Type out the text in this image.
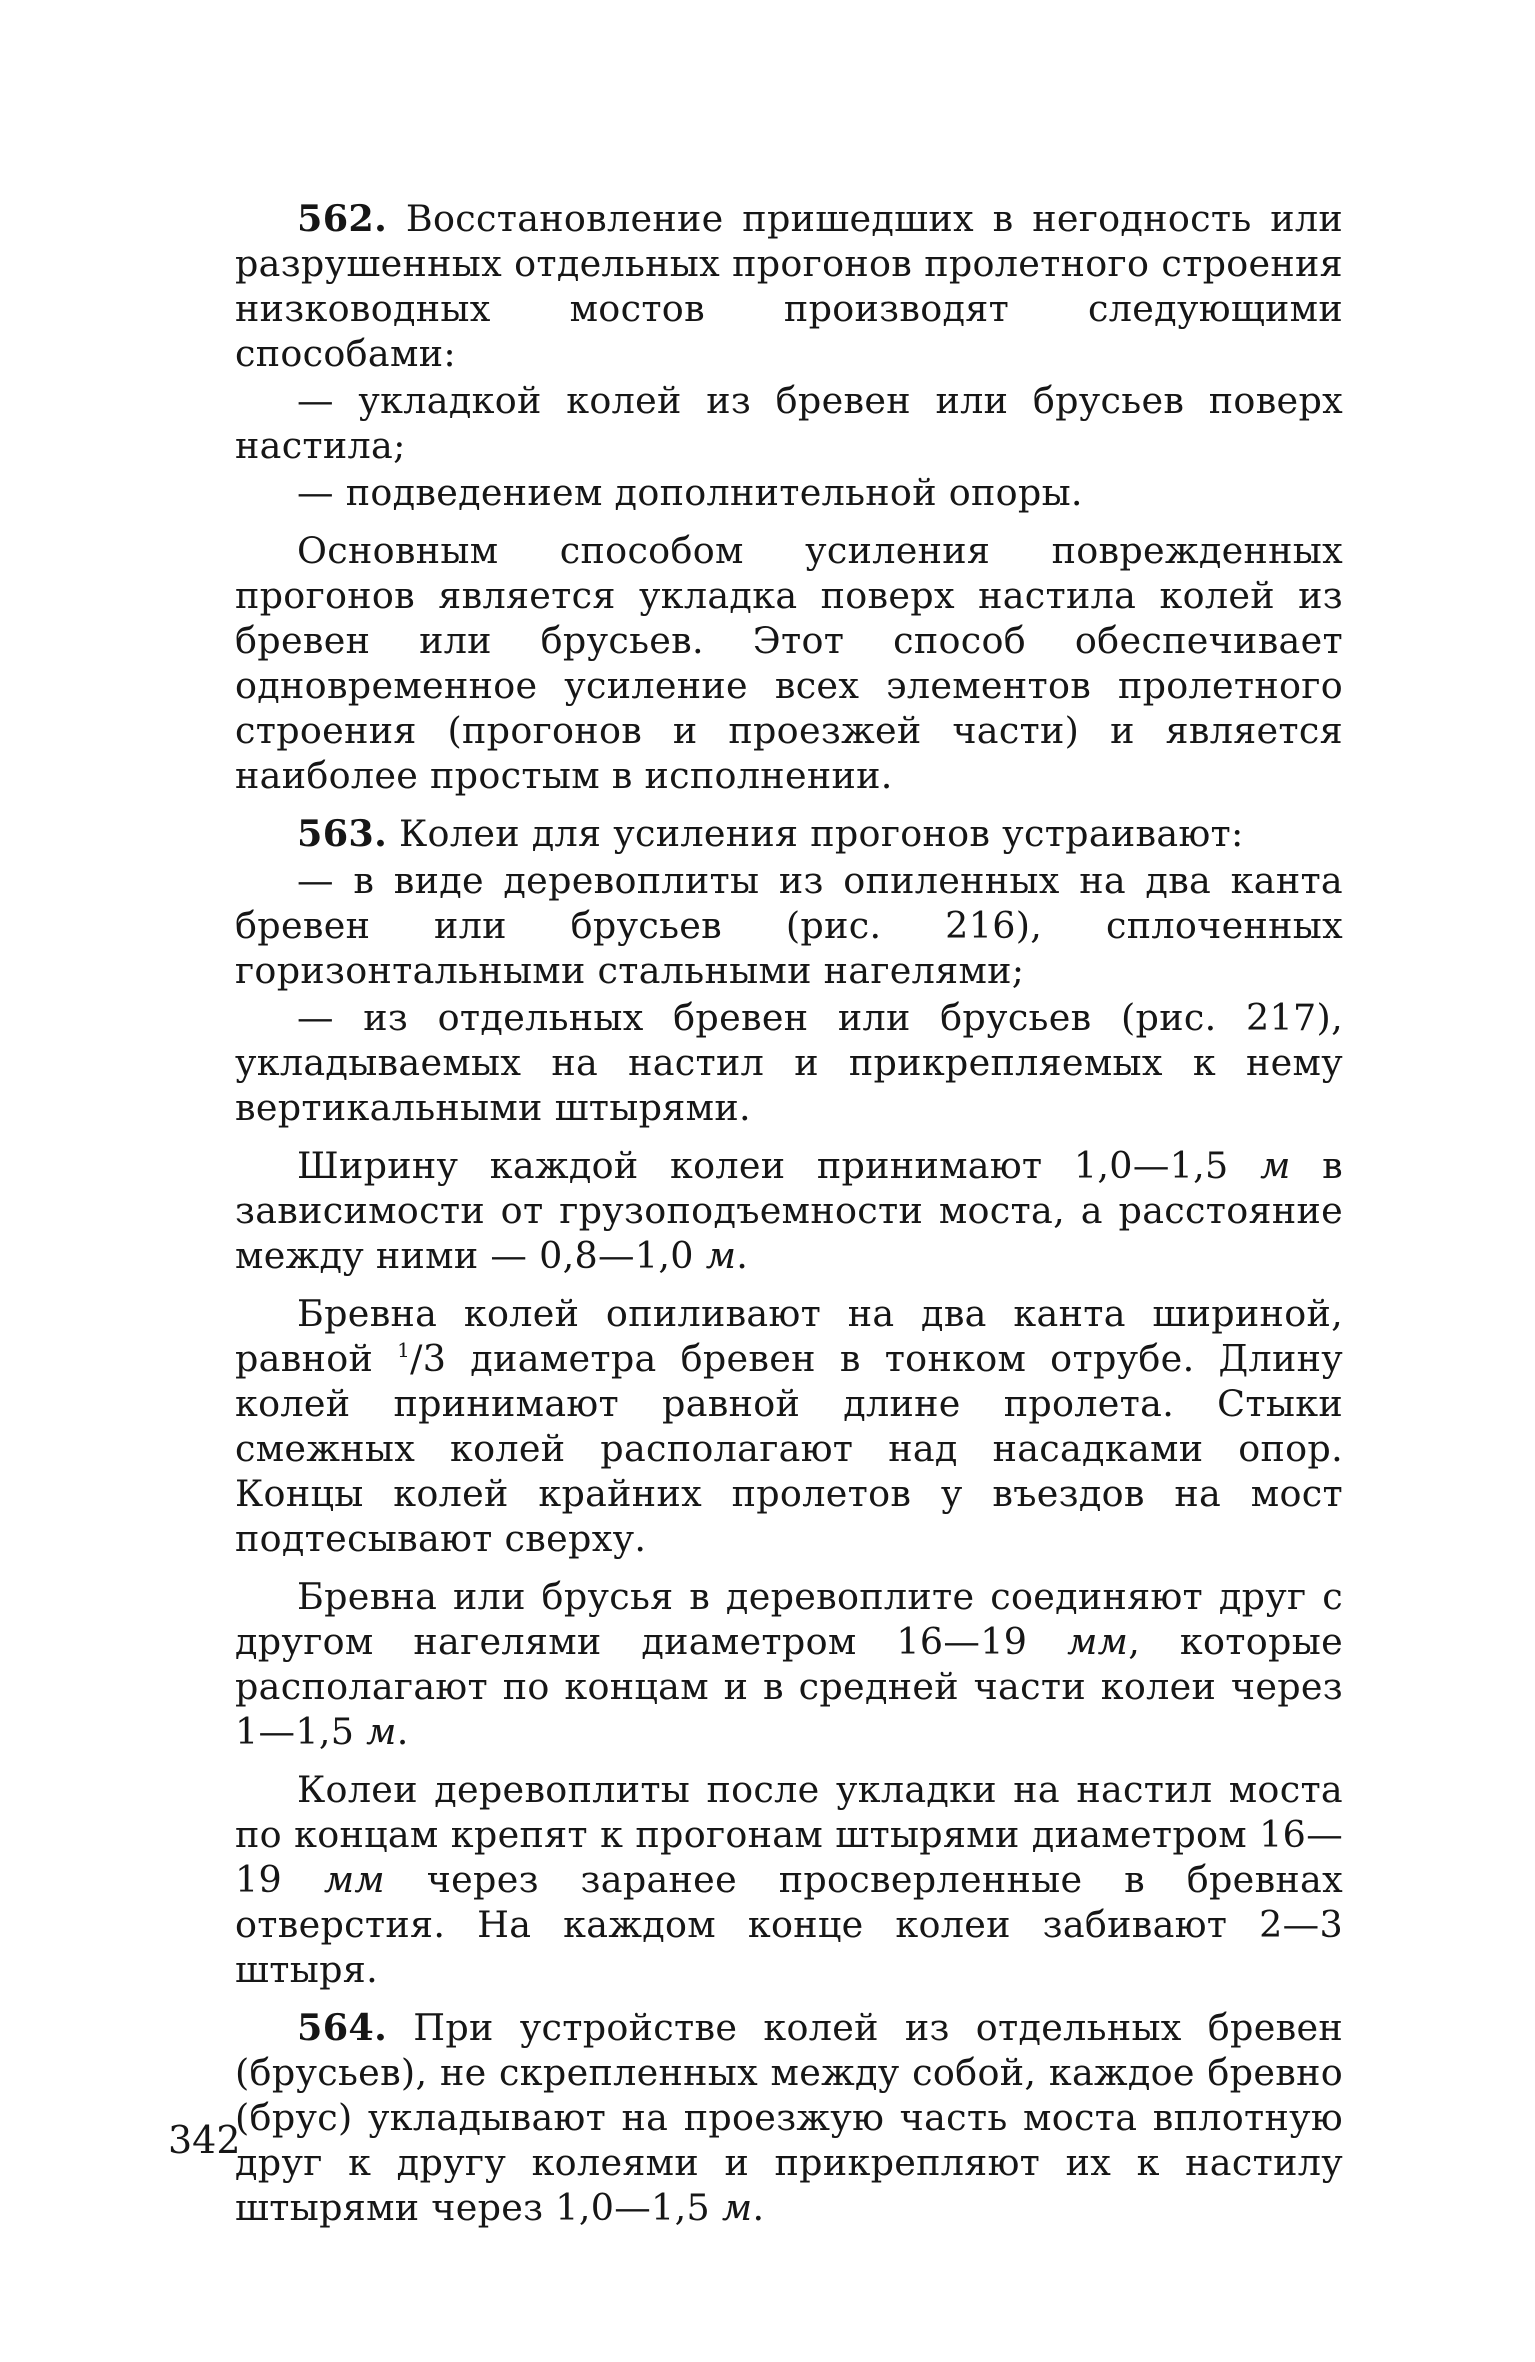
562. Восстановление пришедших в негодность или разрушенных отдельных прогонов пролетного строения низководных мостов производят следующими способами:

— укладкой колей из бревен или брусьев поверх настила;

— подведением дополнительной опоры.

Основным способом усиления поврежденных прогонов является укладка поверх настила колей из бревен или брусьев. Этот способ обеспечивает одновременное усиление всех элементов пролетного строения (прогонов и проезжей части) и является наиболее простым в исполнении.

563. Колеи для усиления прогонов устраивают:

— в виде деревоплиты из опиленных на два канта бревен или брусьев (рис. 216), сплоченных горизонтальными стальными нагелями;

— из отдельных бревен или брусьев (рис. 217), укладываемых на настил и прикрепляемых к нему вертикальными штырями.

Ширину каждой колеи принимают 1,0—1,5 м в зависимости от грузоподъемности моста, а расстояние между ними — 0,8—1,0 м.

Бревна колей опиливают на два канта шириной, равной $^1$/3 диаметра бревен в тонком отрубе. Длину колей принимают равной длине пролета. Стыки смежных колей располагают над насадками опор. Концы колей крайних пролетов у въездов на мост подтесывают сверху.

Бревна или брусья в деревоплите соединяют друг с другом нагелями диаметром 16—19 мм, которые располагают по концам и в средней части колеи через 1—1,5 м.

Колеи деревоплиты после укладки на настил моста по концам крепят к прогонам штырями диаметром 16—19 мм через заранее просверленные в бревнах отверстия. На каждом конце колеи забивают 2—3 штыря.

564. При устройстве колей из отдельных бревен (брусьев), не скрепленных между собой, каждое бревно (брус) укладывают на проезжую часть моста вплотную друг к другу колеями и прикрепляют их к настилу штырями через 1,0—1,5 м.

342
